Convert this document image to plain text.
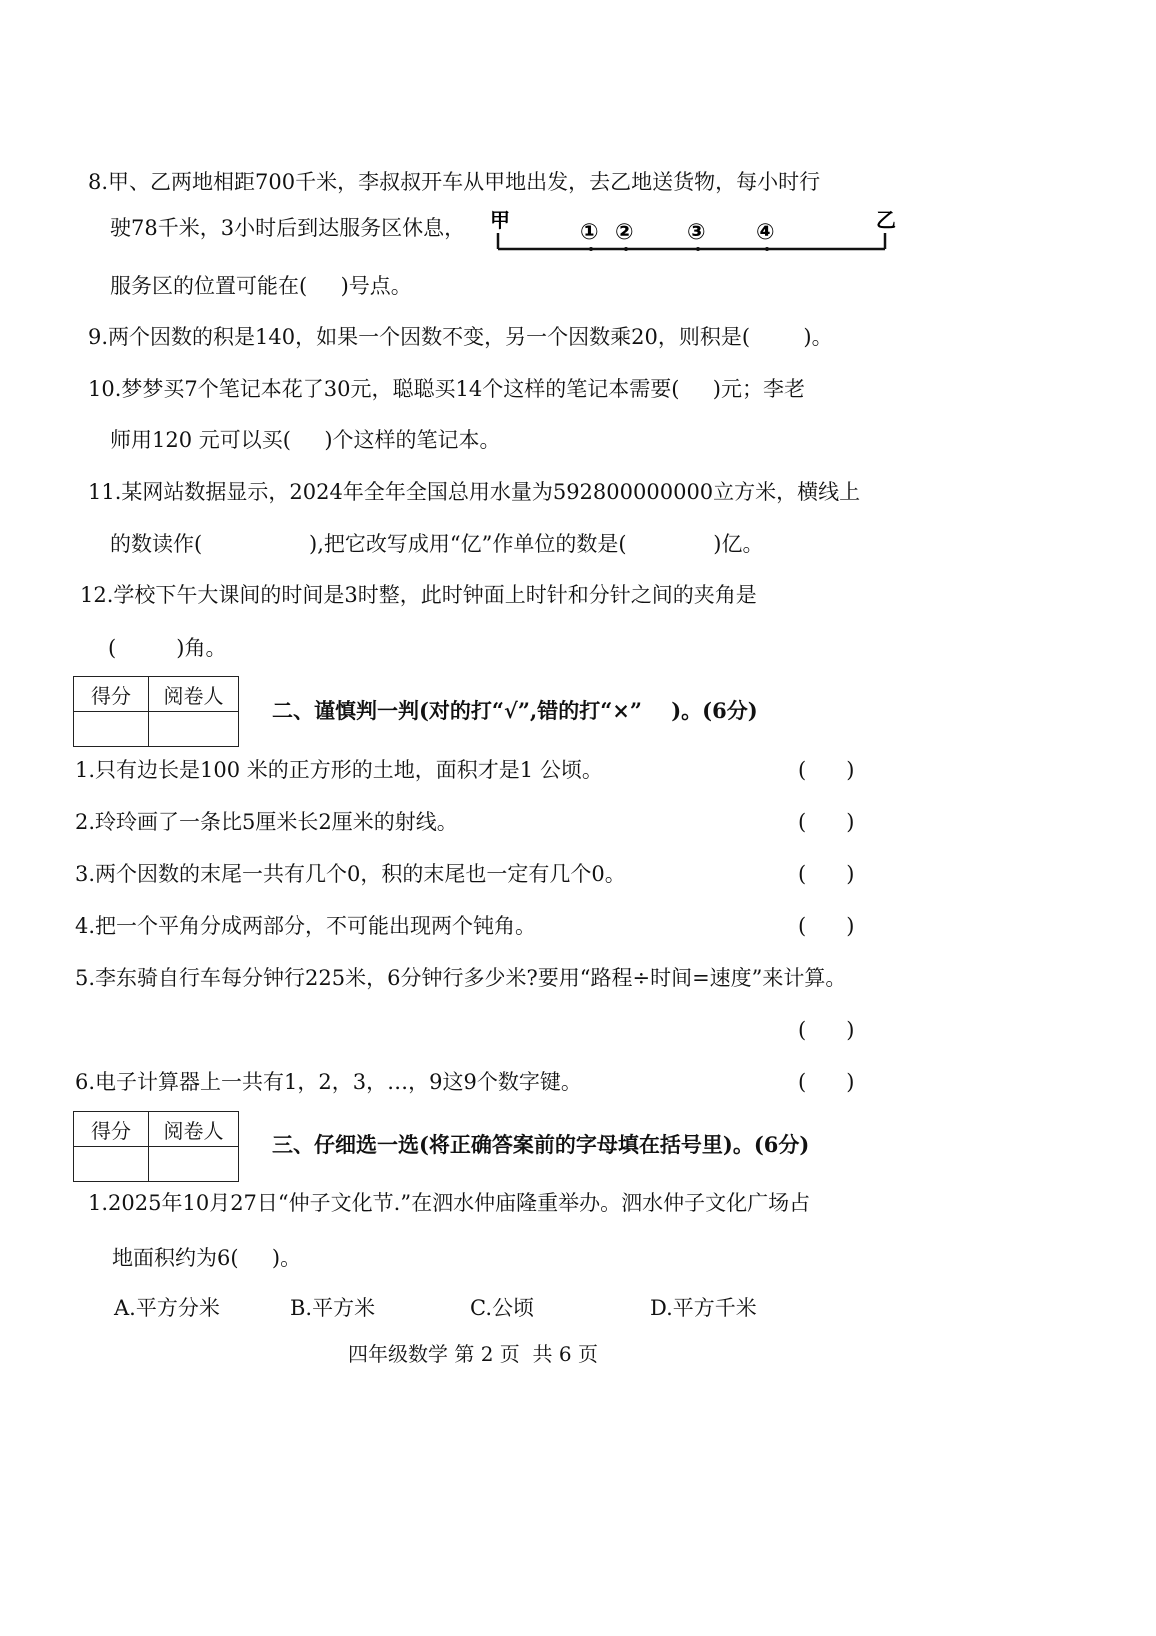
8.甲、乙两地相距700千米，李叔叔开车从甲地出发，去乙地送货物，每小时行
驶78千米，3小时后到达服务区休息， 甲	乙
① ② ③ ④
服务区的位置可能在(     )号点。
9.两个因数的积是140，如果一个因数不变，另一个因数乘20，则积是(        )。
10.梦梦买7个笔记本花了30元，聪聪买14个这样的笔记本需要(     )元；李老
师用120 元可以买(     )个这样的笔记本。
11.某网站数据显示，2024年全年全国总用水量为592800000000立方米，横线上
的数读作(                ),把它改写成用“亿”作单位的数是(             )亿。
12.学校下午大课间的时间是3时整，此时钟面上时针和分针之间的夹角是
(         )角。
得分	阅卷人

二、谨慎判一判(对的打“√”,错的打“×”    )。(6分)
1.只有边长是100 米的正方形的土地，面积才是1 公顷。	(      )
2.玲玲画了一条比5厘米长2厘米的射线。	(      )
3.两个因数的末尾一共有几个0，积的末尾也一定有几个0。	(      )
4.把一个平角分成两部分，不可能出现两个钝角。	(      )
5.李东骑自行车每分钟行225米，6分钟行多少米?要用“路程÷时间=速度”来计算。
(      )
6.电子计算器上一共有1，2，3，…，9这9个数字键。	(      )
得分	阅卷人

三、仔细选一选(将正确答案前的字母填在括号里)。(6分)
1.2025年10月27日“仲子文化节.”在泗水仲庙隆重举办。泗水仲子文化广场占
地面积约为6(     )。
A.平方分米	B.平方米	C.公顷	D.平方千米
四年级数学 第 2 页  共 6 页
